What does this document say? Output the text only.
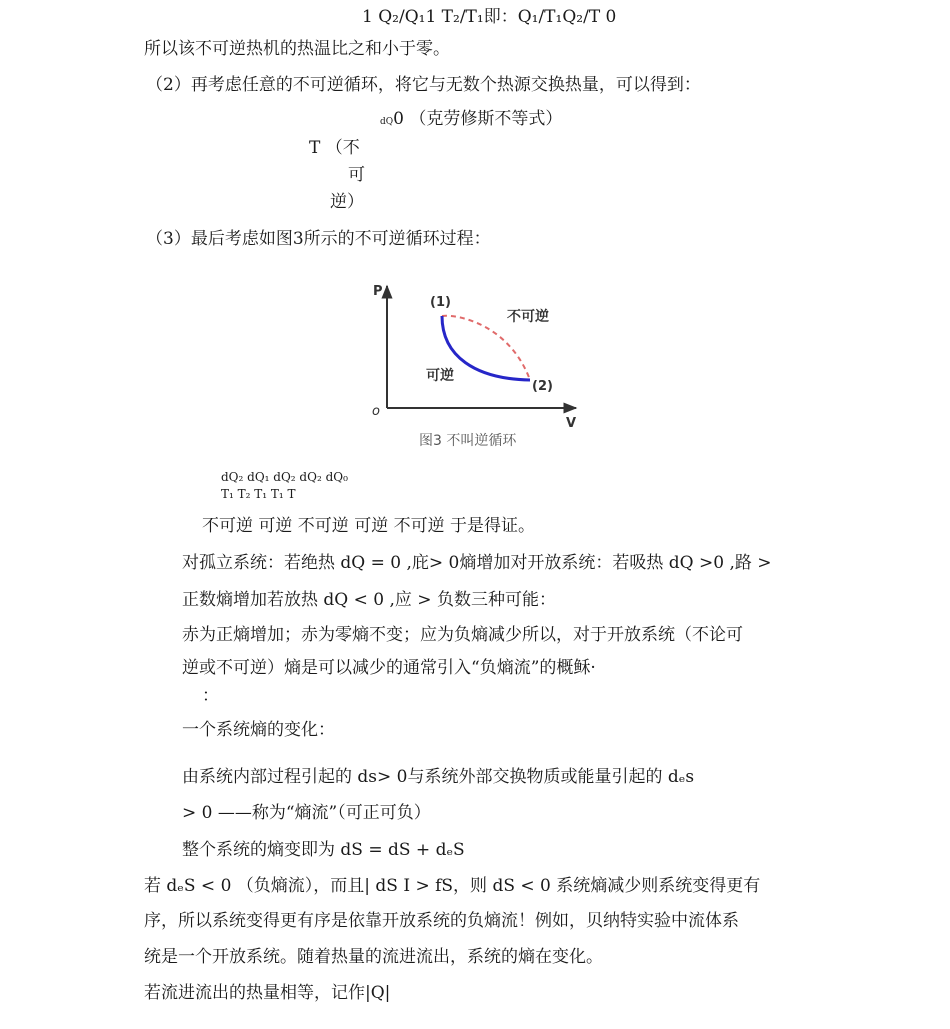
1 Q₂/Q₁1 T₂/T₁即：Q₁/T₁Q₂/T 0
所以该不可逆热机的热温比之和小于零。
（2）再考虑任意的不可逆循环，将它与无数个热源交换热量，可以得到：
dQ0 （克劳修斯不等式）
T （不
可
逆）
（3）最后考虑如图3所示的不可逆循环过程：
P
V
o
(1)
(2)
不可逆
可逆
图3 不叫逆循环
dQ₂ dQ₁ dQ₂ dQ₂ dQ₀
T₁ T₂ T₁ T₁ T
不可逆 可逆 不可逆 可逆 不可逆 于是得证。
对孤立系统：若绝热 dQ = 0 ,庇> 0熵增加对开放系统：若吸热 dQ >0 ,路 >
正数熵增加若放热 dQ < 0 ,应 > 负数三种可能：
赤为正熵增加；赤为零熵不变；应为负熵减少所以，对于开放系统（不论可
逆或不可逆）熵是可以减少的通常引入“负熵流”的概稣·
：
一个系统熵的变化：
由系统内部过程引起的 ds> 0与系统外部交换物质或能量引起的 dₑs
> 0 ——称为“熵流”（可正可负）
整个系统的熵变即为 dS = dS + dₑS
若 dₑS < 0 （负熵流），而且| dS I > fS，则 dS < 0 系统熵减少则系统变得更有
序，所以系统变得更有序是依靠开放系统的负熵流！例如，贝纳特实验中流体系
统是一个开放系统。随着热量的流进流出，系统的熵在变化。
若流进流出的热量相等，记作|Q|
